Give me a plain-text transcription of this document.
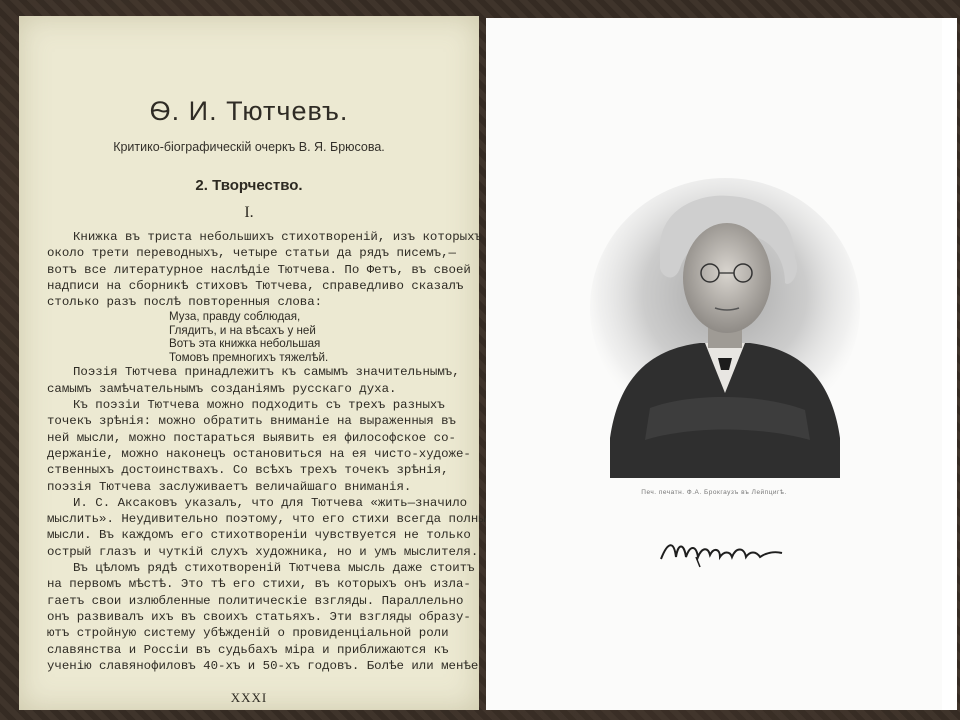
Ѳ. И. Тютчевъ.
Критико-біографическій очеркъ В. Я. Брюсова.
2. Творчество.
I.
Книжка въ триста небольшихъ стихотвореній, изъ которыхъ
около трети переводныхъ, четыре статьи да рядъ писемъ,—
вотъ все литературное наслѣдіе Тютчева. По Фетъ, въ своей
надписи на сборникѣ стиховъ Тютчева, справедливо сказалъ
столько разъ послѣ повторенныя слова:
Муза, правду соблюдая,
Глядитъ, и на вѣсахъ у ней
Вотъ эта книжка небольшая
Томовъ премногихъ тяжелѣй.
Поэзія Тютчева принадлежитъ къ самымъ значительнымъ,
самымъ замѣчательнымъ созданіямъ русскаго духа.
Къ поэзіи Тютчева можно подходить съ трехъ разныхъ
точекъ зрѣнія: можно обратить вниманіе на выраженныя въ
ней мысли, можно постараться выявить ея философское со-
держаніе, можно наконецъ остановиться на ея чисто-художе-
ственныхъ достоинствахъ. Со всѣхъ трехъ точекъ зрѣнія,
поэзія Тютчева заслуживаетъ величайшаго вниманія.
И. С. Аксаковъ указалъ, что для Тютчева «жить—значило
мыслить». Неудивительно поэтому, что его стихи всегда полны
мысли. Въ каждомъ его стихотвореніи чувствуется не только
острый глазъ и чуткій слухъ художника, но и умъ мыслителя.
Въ цѣломъ рядѣ стихотвореній Тютчева мысль даже стоитъ
на первомъ мѣстѣ. Это тѣ его стихи, въ которыхъ онъ изла-
гаетъ свои излюбленные политическіе взгляды. Параллельно
онъ развивалъ ихъ въ своихъ статьяхъ. Эти взгляды образу-
ютъ стройную систему убѣжденій о провиденціальной роли
славянства и Россіи въ судьбахъ міра и приближаются къ
ученію славянофиловъ 40-хъ и 50-хъ годовъ. Болѣе или менѣе
XXXI
Печ. печатн. Ф.А. Брокгаузъ въ Лейпцигѣ.
